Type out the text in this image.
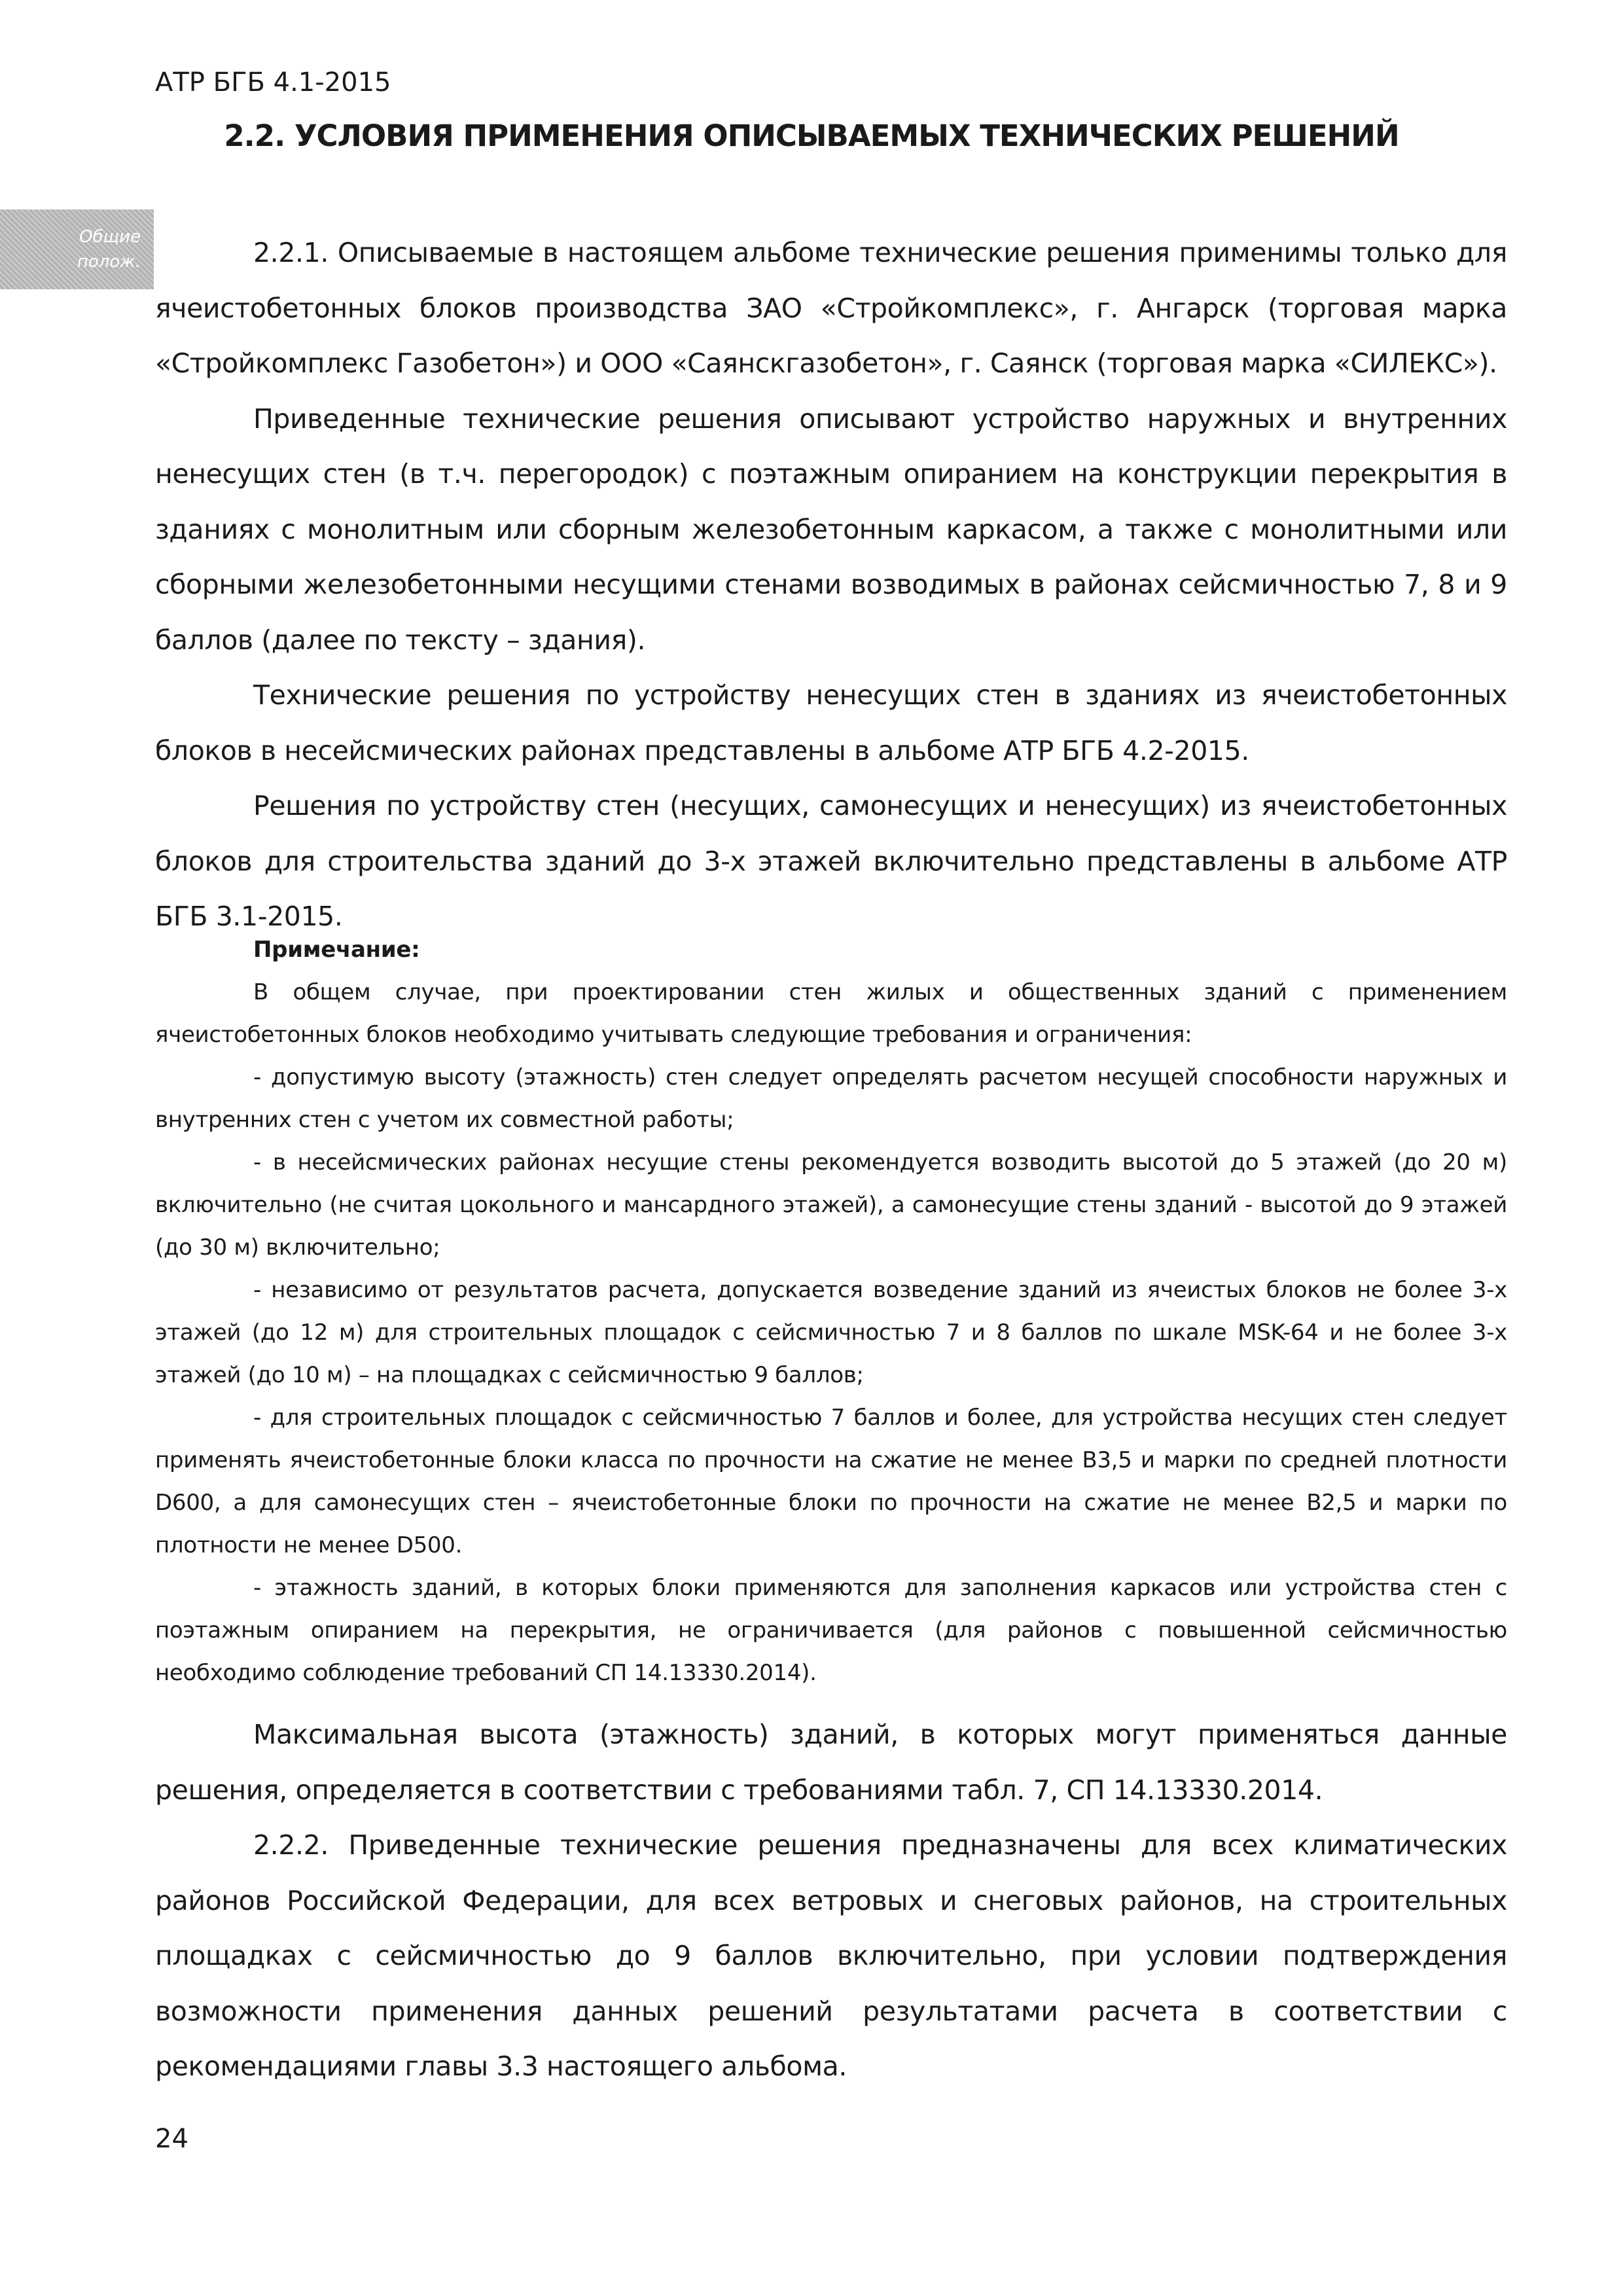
АТР БГБ 4.1-2015
2.2. УСЛОВИЯ ПРИМЕНЕНИЯ ОПИСЫВАЕМЫХ ТЕХНИЧЕСКИХ РЕШЕНИЙ
Общие
полож.	2.2.1. Описываемые в настоящем альбоме технические решения применимы только для ячеистобетонных блоков производства ЗАО «Стройкомплекс», г. Ангарск (торговая марка «Стройкомплекс Газобетон») и ООО «Саянскгазобетон», г. Саянск (торговая марка «СИЛЕКС»).

Приведенные технические решения описывают устройство наружных и внутренних ненесущих стен (в т.ч. перегородок) с поэтажным опиранием на конструкции перекрытия в зданиях с монолитным или сборным железобетонным каркасом, а также с монолитными или сборными железобетонными несущими стенами возводимых в районах сейсмичностью 7, 8 и 9 баллов (далее по тексту – здания).

Технические решения по устройству ненесущих стен в зданиях из ячеистобетонных блоков в несейсмических районах представлены в альбоме АТР БГБ 4.2-2015.

Решения по устройству стен (несущих, самонесущих и ненесущих) из ячеистобетонных блоков для строительства зданий до 3-х этажей включительно представлены в альбоме АТР БГБ 3.1-2015.

Примечание:

В общем случае, при проектировании стен жилых и общественных зданий с применением ячеистобетонных блоков необходимо учитывать следующие требования и ограничения:

- допустимую высоту (этажность) стен следует определять расчетом несущей способности наружных и внутренних стен с учетом их совместной работы;

- в несейсмических районах несущие стены рекомендуется возводить высотой до 5 этажей (до 20 м) включительно (не считая цокольного и мансардного этажей), а самонесущие стены зданий - высотой до 9 этажей (до 30 м) включительно;

- независимо от результатов расчета, допускается возведение зданий из ячеистых блоков не более 3-х этажей (до 12 м) для строительных площадок с сейсмичностью 7 и 8 баллов по шкале MSK-64 и не более 3-х этажей (до 10 м) – на площадках с сейсмичностью 9 баллов;

- для строительных площадок с сейсмичностью 7 баллов и более, для устройства несущих стен следует применять ячеистобетонные блоки класса по прочности на сжатие не менее В3,5 и марки по средней плотности D600, а для самонесущих стен – ячеистобетонные блоки по прочности на сжатие не менее В2,5 и марки по плотности не менее D500.

- этажность зданий, в которых блоки применяются для заполнения каркасов или устройства стен с поэтажным опиранием на перекрытия, не ограничивается (для районов с повышенной сейсмичностью необходимо соблюдение требований СП 14.13330.2014).

Максимальная высота (этажность) зданий, в которых могут применяться данные решения, определяется в соответствии с требованиями табл. 7, СП 14.13330.2014.

2.2.2. Приведенные технические решения предназначены для всех климатических районов Российской Федерации, для всех ветровых и снеговых районов, на строительных площадках с сейсмичностью до 9 баллов включительно, при условии подтверждения возможности применения данных решений результатами расчета в соответствии с рекомендациями главы 3.3 настоящего альбома.

24
